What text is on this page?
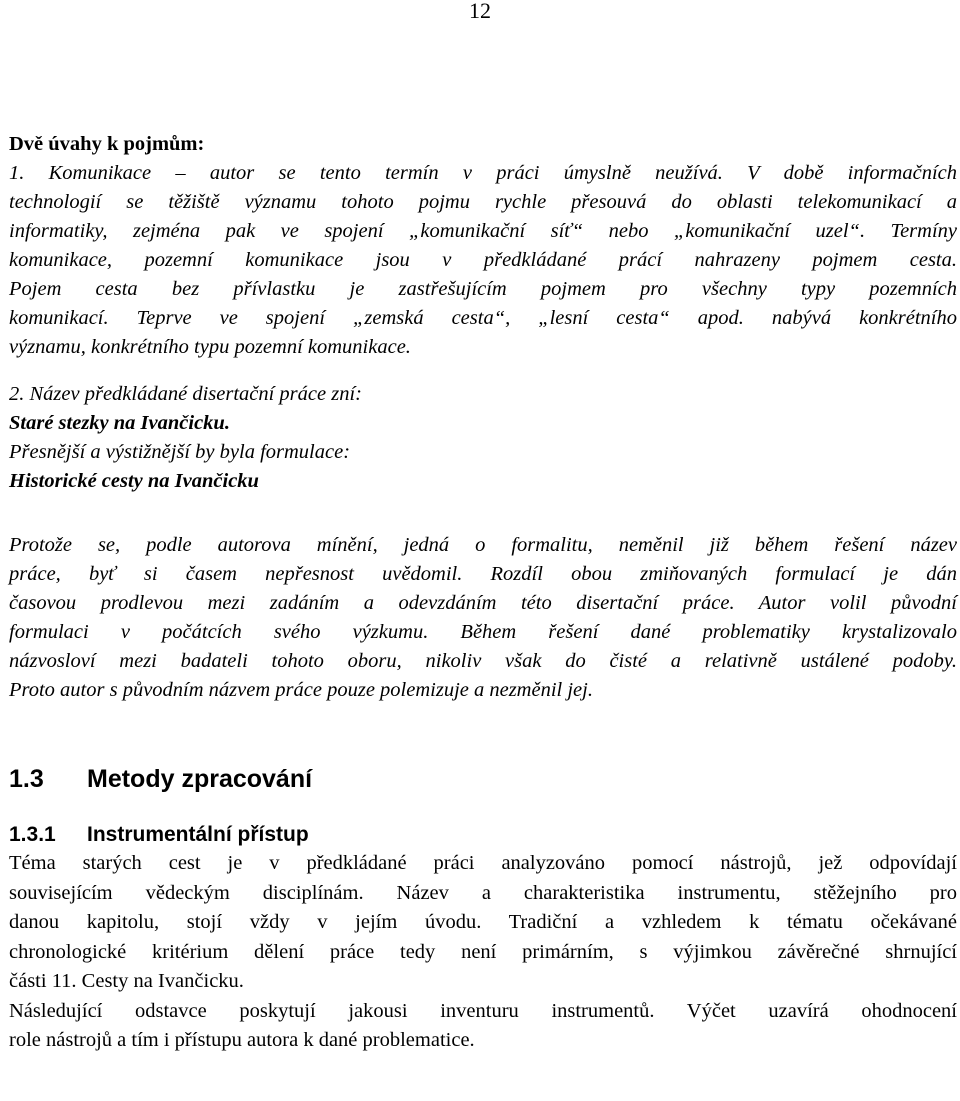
12
Dvě úvahy k pojmům:
1. Komunikace – autor se tento termín v práci úmyslně neužívá. V době informačních
technologií se těžiště významu tohoto pojmu rychle přesouvá do oblasti telekomunikací a
informatiky, zejména pak ve spojení „komunikační síť“ nebo „komunikační uzel“. Termíny
komunikace, pozemní komunikace jsou v předkládané prácí nahrazeny pojmem cesta.
Pojem cesta bez přívlastku je zastřešujícím pojmem pro všechny typy pozemních
komunikací. Teprve ve spojení „zemská cesta“, „lesní cesta“ apod. nabývá konkrétního
významu, konkrétního typu pozemní komunikace.
2. Název předkládané disertační práce zní:
Staré stezky na Ivančicku.
Přesnější a výstižnější by byla formulace:
Historické cesty na Ivančicku
Protože se, podle autorova mínění, jedná o formalitu, neměnil již během řešení název
práce, byť si časem nepřesnost uvědomil. Rozdíl obou zmiňovaných formulací je dán
časovou prodlevou mezi zadáním a odevzdáním této disertační práce. Autor volil původní
formulaci v počátcích svého výzkumu. Během řešení dané problematiky krystalizovalo
názvosloví mezi badateli tohoto oboru, nikoliv však do čisté a relativně ustálené podoby.
Proto autor s původním názvem práce pouze polemizuje a nezměnil jej.
1.3 Metody zpracování
1.3.1 Instrumentální přístup
Téma starých cest je v předkládané práci analyzováno pomocí nástrojů, jež odpovídají
souvisejícím vědeckým disciplínám. Název a charakteristika instrumentu, stěžejního pro
danou kapitolu, stojí vždy v jejím úvodu. Tradiční a vzhledem k tématu očekávané
chronologické kritérium dělení práce tedy není primárním, s výjimkou závěrečné shrnující
části 11. Cesty na Ivančicku.
Následující odstavce poskytují jakousi inventuru instrumentů. Výčet uzavírá ohodnocení
role nástrojů a tím i přístupu autora k dané problematice.
